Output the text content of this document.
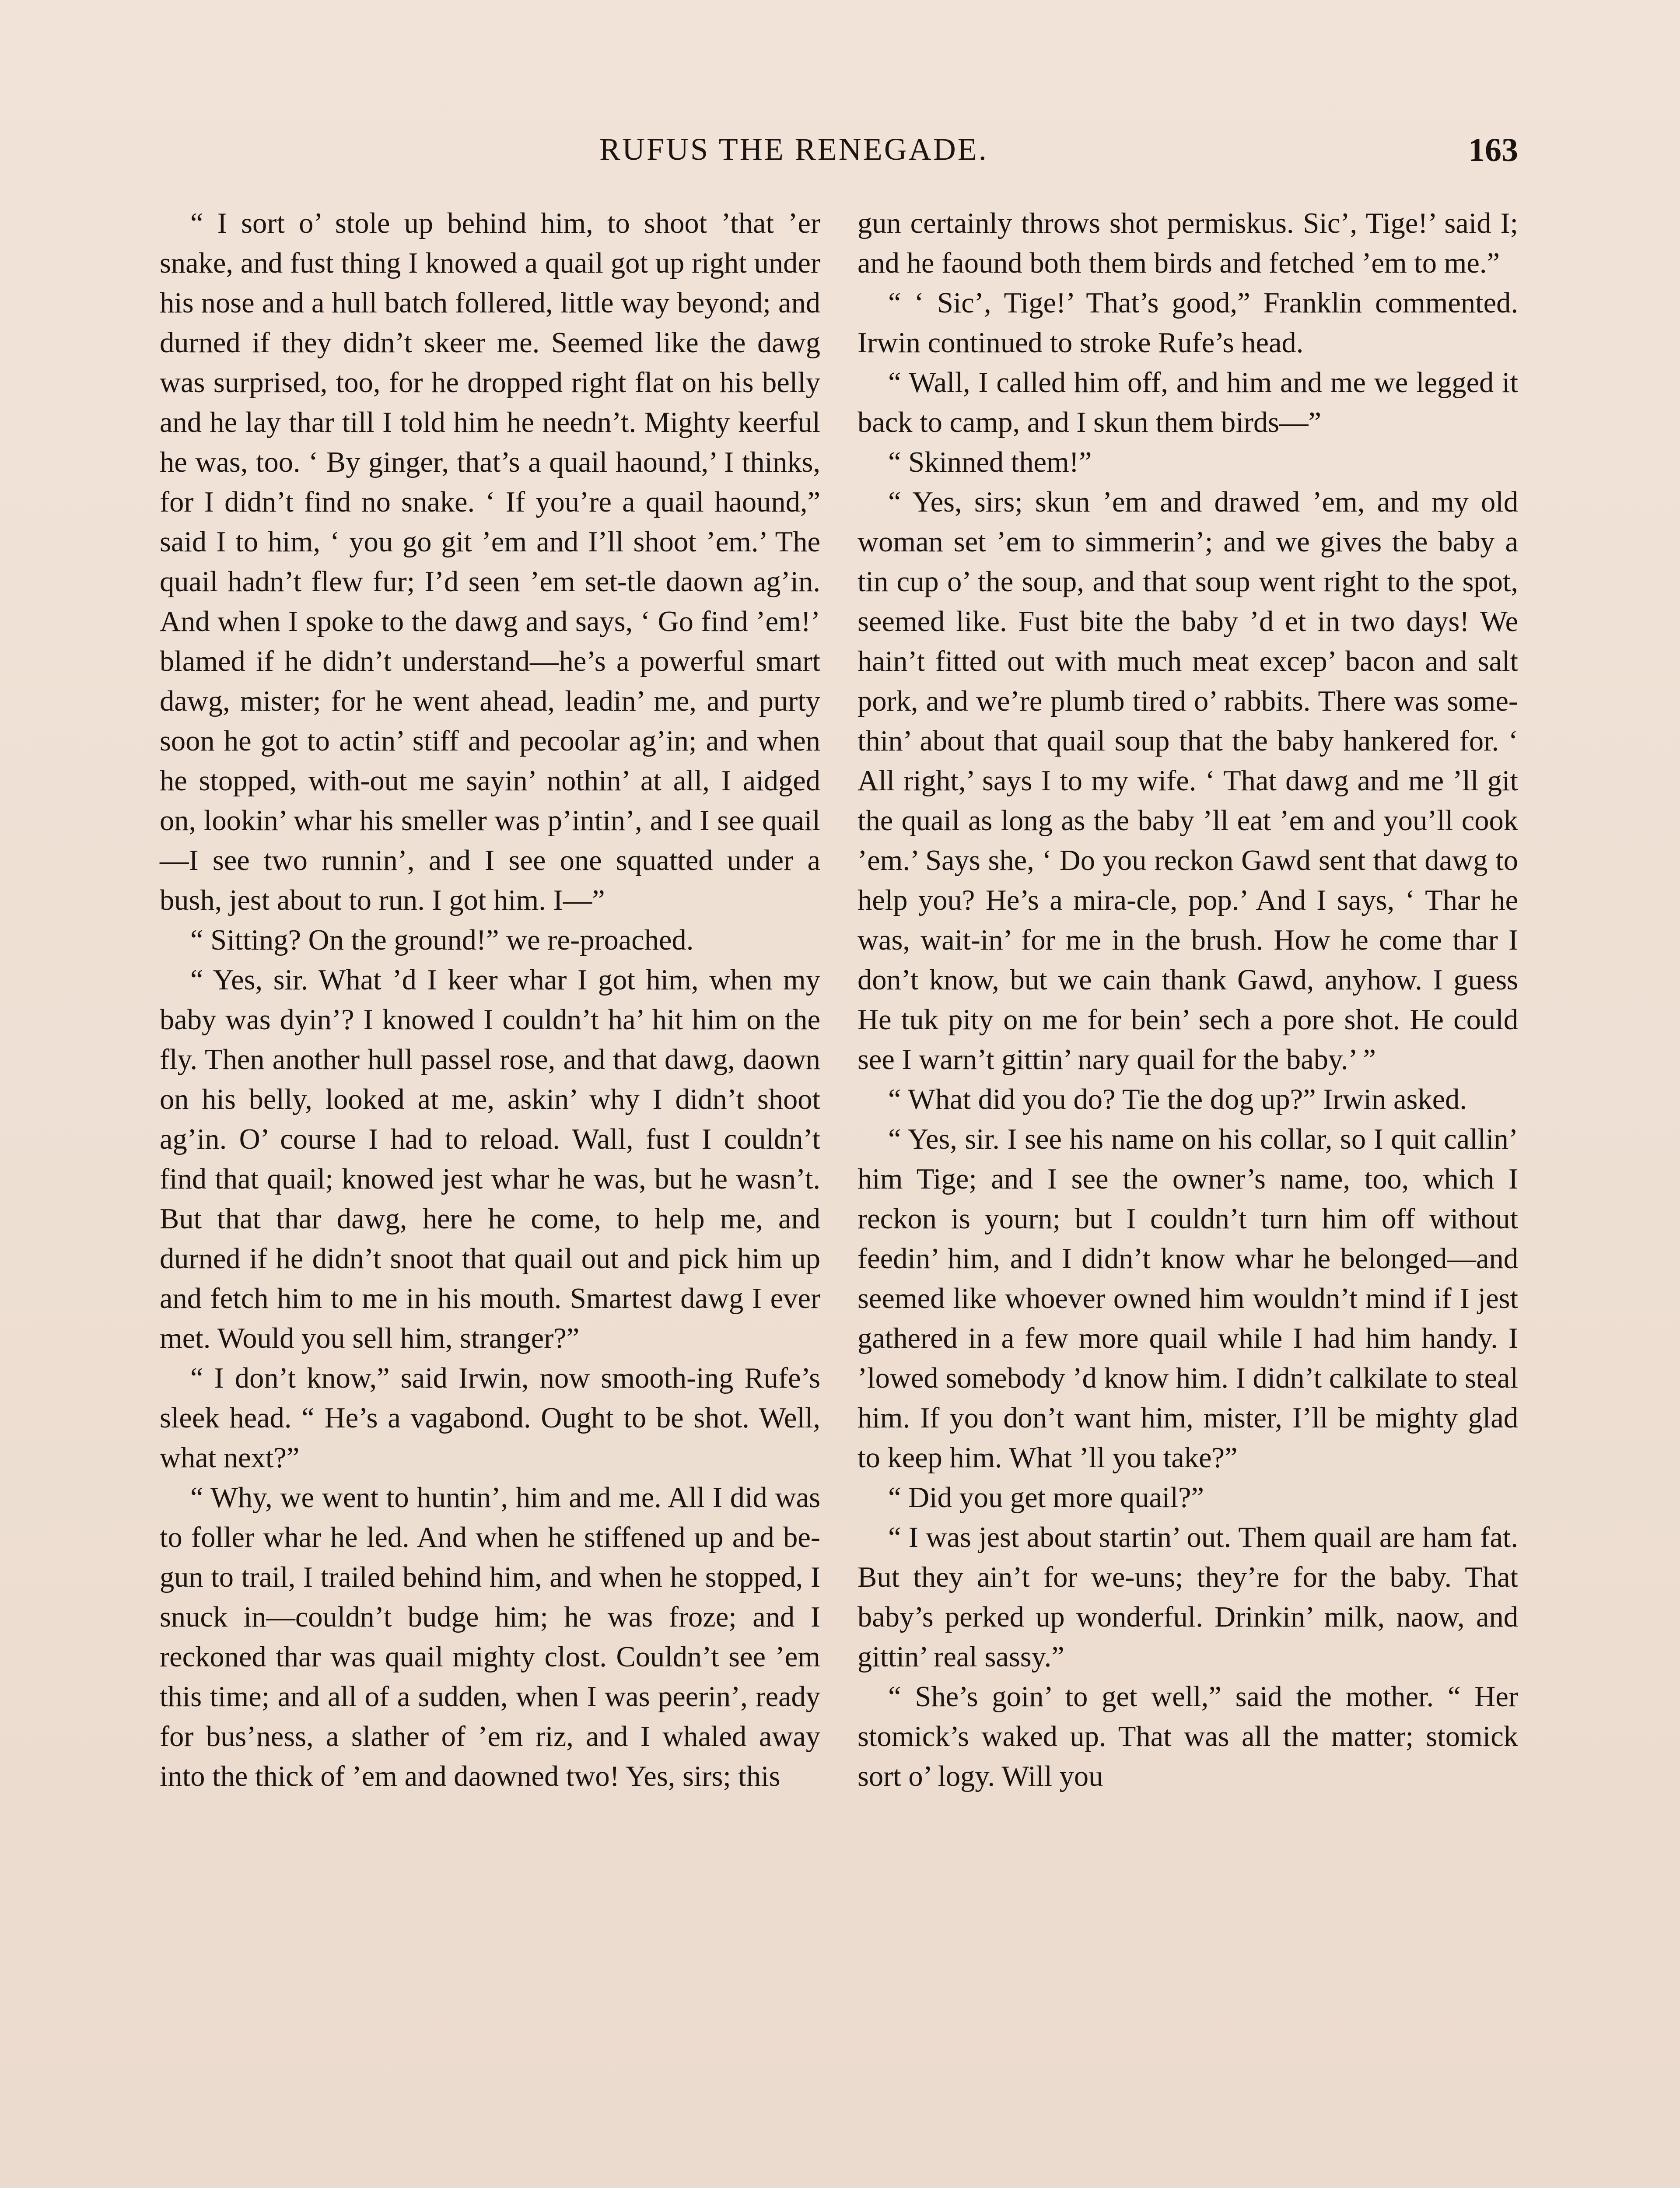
RUFUS THE RENEGADE.	163

“ I sort o’ stole up behind him, to shoot ’that ’er snake, and fust thing I knowed a quail got up right under his nose and a hull batch follered, little way beyond; and durned if they didn’t skeer me. Seemed like the dawg was surprised, too, for he dropped right flat on his belly and he lay thar till I told him he needn’t. Mighty keerful he was, too. ‘ By ginger, that’s a quail haound,’ I thinks, for I didn’t find no snake. ‘ If you’re a quail haound,” said I to him, ‘ you go git ’em and I’ll shoot ’em.’ The quail hadn’t flew fur; I’d seen ’em set-tle daown ag’in. And when I spoke to the dawg and says, ‘ Go find ’em!’ blamed if he didn’t understand—he’s a powerful smart dawg, mister; for he went ahead, leadin’ me, and purty soon he got to actin’ stiff and pecoolar ag’in; and when he stopped, with-out me sayin’ nothin’ at all, I aidged on, lookin’ whar his smeller was p’intin’, and I see quail—I see two runnin’, and I see one squatted under a bush, jest about to run. I got him. I—”

“ Sitting? On the ground!” we re-proached.

“ Yes, sir. What ’d I keer whar I got him, when my baby was dyin’? I knowed I couldn’t ha’ hit him on the fly. Then another hull passel rose, and that dawg, daown on his belly, looked at me, askin’ why I didn’t shoot ag’in. O’ course I had to reload. Wall, fust I couldn’t find that quail; knowed jest whar he was, but he wasn’t. But that thar dawg, here he come, to help me, and durned if he didn’t snoot that quail out and pick him up and fetch him to me in his mouth. Smartest dawg I ever met. Would you sell him, stranger?”

“ I don’t know,” said Irwin, now smooth-ing Rufe’s sleek head. “ He’s a vagabond. Ought to be shot. Well, what next?”

“ Why, we went to huntin’, him and me. All I did was to foller whar he led. And when he stiffened up and be-gun to trail, I trailed behind him, and when he stopped, I snuck in—couldn’t budge him; he was froze; and I reckoned thar was quail mighty clost. Couldn’t see ’em this time; and all of a sudden, when I was peerin’, ready for bus’ness, a slather of ’em riz, and I whaled away into the thick of ’em and daowned two! Yes, sirs; this

gun certainly throws shot permiskus. Sic’, Tige!’ said I; and he faound both them birds and fetched ’em to me.”

“ ‘ Sic’, Tige!’ That’s good,” Franklin commented. Irwin continued to stroke Rufe’s head.

“ Wall, I called him off, and him and me we legged it back to camp, and I skun them birds—”

“ Skinned them!”

“ Yes, sirs; skun ’em and drawed ’em, and my old woman set ’em to simmerin’; and we gives the baby a tin cup o’ the soup, and that soup went right to the spot, seemed like. Fust bite the baby ’d et in two days! We hain’t fitted out with much meat excep’ bacon and salt pork, and we’re plumb tired o’ rabbits. There was some-thin’ about that quail soup that the baby hankered for. ‘ All right,’ says I to my wife. ‘ That dawg and me ’ll git the quail as long as the baby ’ll eat ’em and you’ll cook ’em.’ Says she, ‘ Do you reckon Gawd sent that dawg to help you? He’s a mira-cle, pop.’ And I says, ‘ Thar he was, wait-in’ for me in the brush. How he come thar I don’t know, but we cain thank Gawd, anyhow. I guess He tuk pity on me for bein’ sech a pore shot. He could see I warn’t gittin’ nary quail for the baby.’ ”

“ What did you do? Tie the dog up?” Irwin asked.

“ Yes, sir. I see his name on his collar, so I quit callin’ him Tige; and I see the owner’s name, too, which I reckon is yourn; but I couldn’t turn him off without feedin’ him, and I didn’t know whar he belonged—and seemed like whoever owned him wouldn’t mind if I jest gathered in a few more quail while I had him handy. I ’lowed somebody ’d know him. I didn’t calkilate to steal him. If you don’t want him, mister, I’ll be mighty glad to keep him. What ’ll you take?”

“ Did you get more quail?”

“ I was jest about startin’ out. Them quail are ham fat. But they ain’t for we-uns; they’re for the baby. That baby’s perked up wonderful. Drinkin’ milk, naow, and gittin’ real sassy.”

“ She’s goin’ to get well,” said the mother. “ Her stomick’s waked up. That was all the matter; stomick sort o’ logy. Will you
